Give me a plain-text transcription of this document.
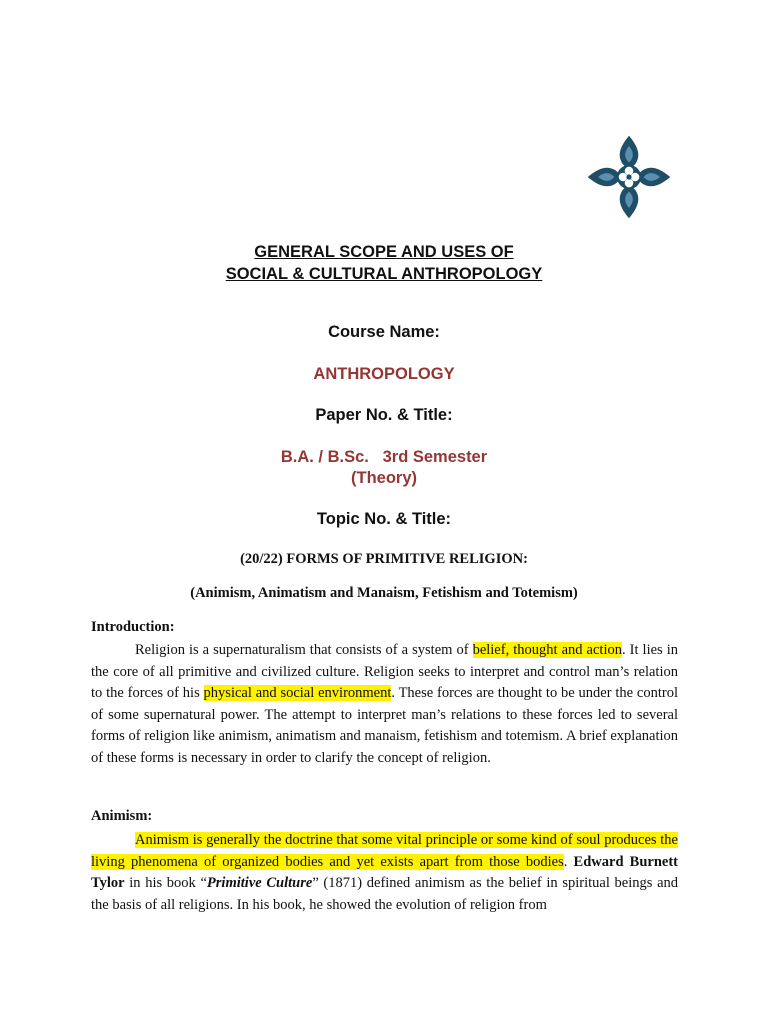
GENERAL SCOPE AND USES OF
SOCIAL & CULTURAL ANTHROPOLOGY
Course Name:
ANTHROPOLOGY
Paper No. & Title:
B.A. / B.Sc.   3rd Semester
(Theory)
Topic No. & Title:
(20/22) FORMS OF PRIMITIVE RELIGION:
(Animism, Animatism and Manaism, Fetishism and Totemism)
Introduction:

Religion is a supernaturalism that consists of a system of belief, thought and action. It lies in the core of all primitive and civilized culture. Religion seeks to interpret and control man’s relation to the forces of his physical and social environment. These forces are thought to be under the control of some supernatural power. The attempt to interpret man’s relations to these forces led to several forms of religion like animism, animatism and manaism, fetishism and totemism. A brief explanation of these forms is necessary in order to clarify the concept of religion.

Animism:

Animism is generally the doctrine that some vital principle or some kind of soul produces the living phenomena of organized bodies and yet exists apart from those bodies. Edward Burnett Tylor in his book “Primitive Culture” (1871) defined animism as the belief in spiritual beings and the basis of all religions. In his book, he showed the evolution of religion from
